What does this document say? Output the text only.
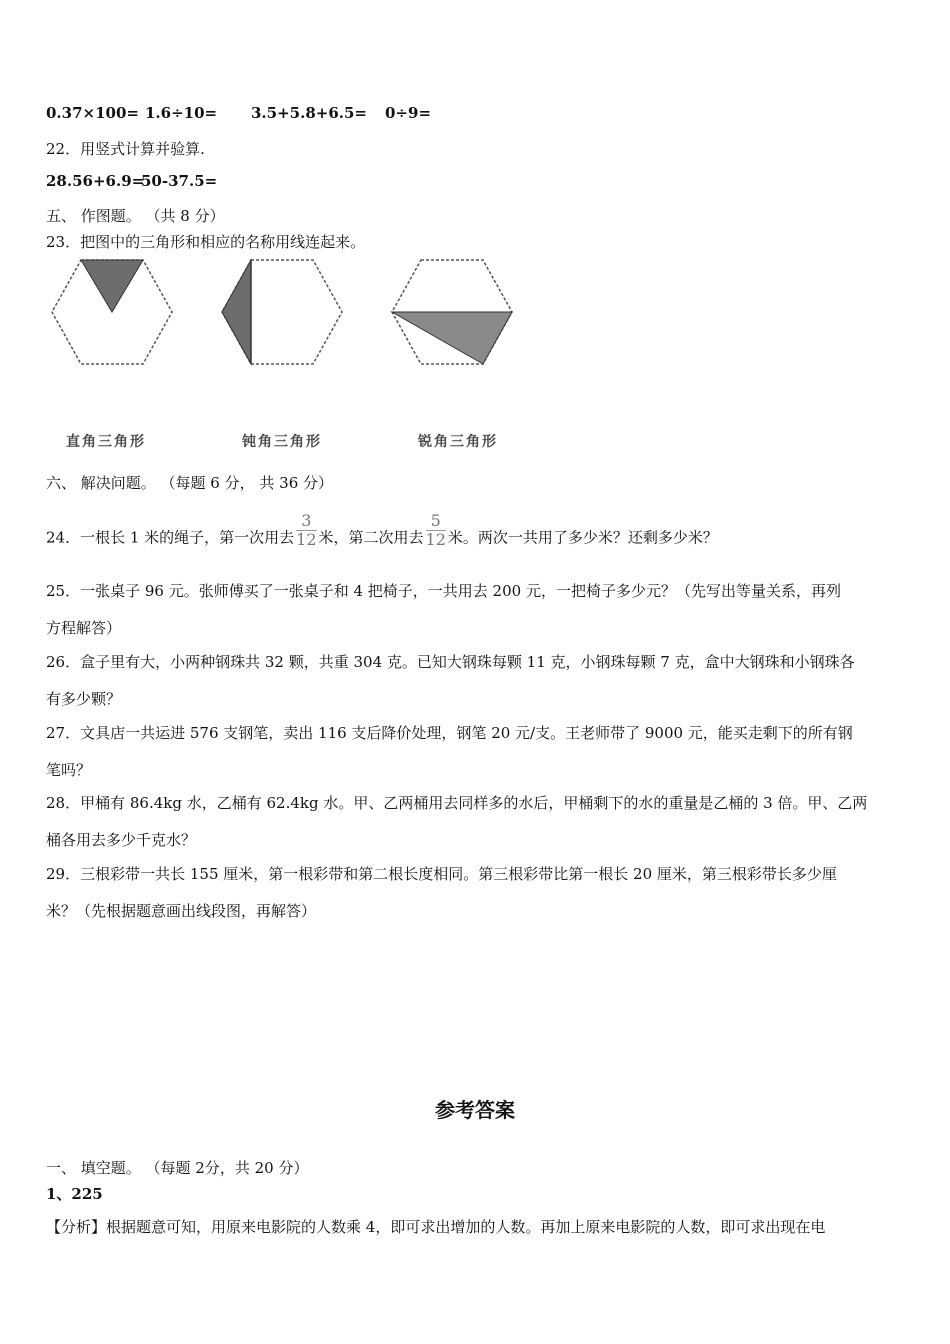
0.37×100= 1.6÷10= 3.5+5.8+6.5= 0÷9=
22．用竖式计算并验算.
28.56+6.9=
50-37.5=
五、 作图题。 （共 8 分）
23．把图中的三角形和相应的名称用线连起来。
直角三角形	钝角三角形	锐角三角形
六、 解决问题。 （每题 6 分， 共 36 分）
24．一根长 1 米的绳子，第一次用去 $\frac{3}{12}$ 米，第二次用去 $\frac{5}{12}$ 米。两次一共用了多少米？还剩多少米？
25．一张桌子 96 元。张师傅买了一张桌子和 4 把椅子，一共用去 200 元，一把椅子多少元？（先写出等量关系，再列
方程解答）
26．盒子里有大，小两种钢珠共 32 颗，共重 304 克。已知大钢珠每颗 11 克，小钢珠每颗 7 克，盒中大钢珠和小钢珠各
有多少颗？
27．文具店一共运进 576 支钢笔，卖出 116 支后降价处理，钢笔 20 元/支。王老师带了 9000 元，能买走剩下的所有钢
笔吗？
28．甲桶有 86.4kg 水，乙桶有 62.4kg 水。甲、乙两桶用去同样多的水后，甲桶剩下的水的重量是乙桶的 3 倍。甲、乙两
桶各用去多少千克水？
29．三根彩带一共长 155 厘米，第一根彩带和第二根长度相同。第三根彩带比第一根长 20 厘米，第三根彩带长多少厘
米？（先根据题意画出线段图，再解答）
参考答案
一、 填空题。 （每题 2分，共 20 分）
1、225
【分析】根据题意可知，用原来电影院的人数乘 4，即可求出增加的人数。再加上原来电影院的人数，即可求出现在电
